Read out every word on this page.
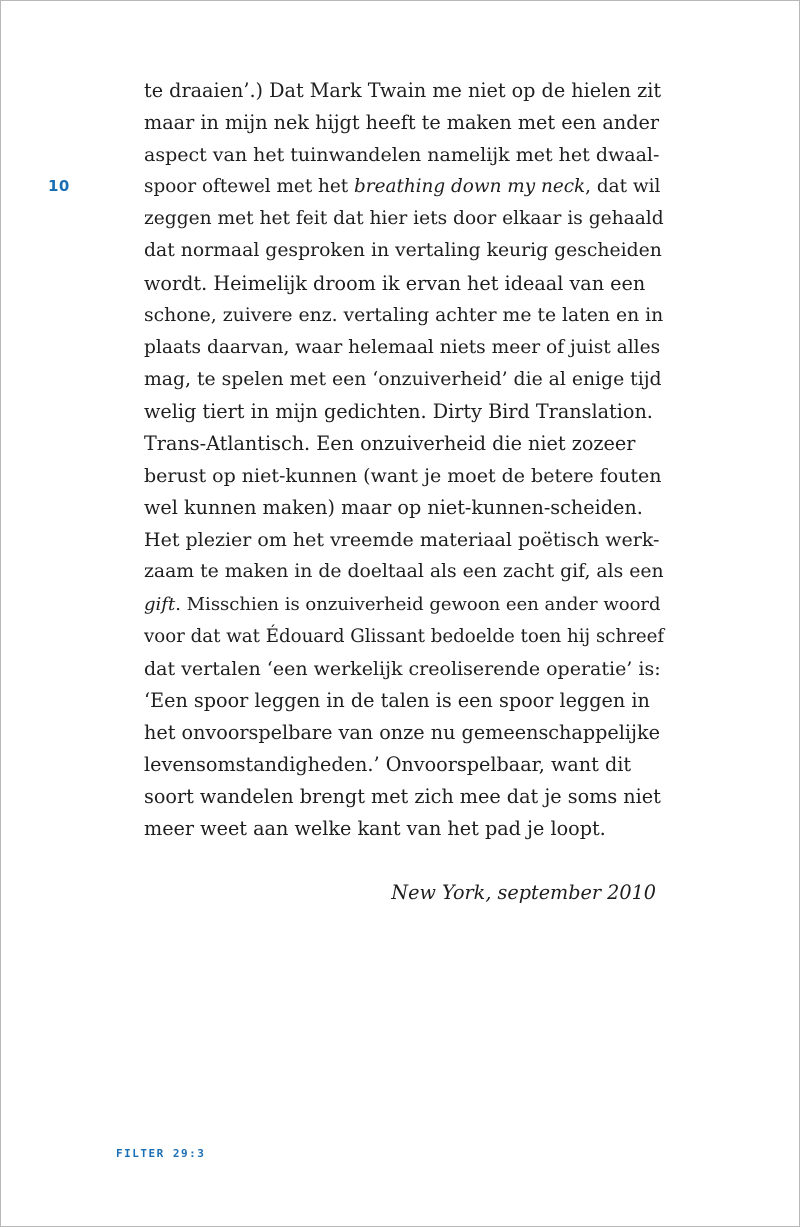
10
te draaien’.) Dat Mark Twain me niet op de hielen zit
maar in mijn nek hijgt heeft te maken met een ander
aspect van het tuinwandelen namelijk met het dwaal-
spoor oftewel met het breathing down my neck, dat wil
zeggen met het feit dat hier iets door elkaar is gehaald
dat normaal gesproken in vertaling keurig gescheiden
wordt. Heimelijk droom ik ervan het ideaal van een
schone, zuivere enz. vertaling achter me te laten en in
plaats daarvan, waar helemaal niets meer of juist alles
mag, te spelen met een ‘onzuiverheid’ die al enige tijd
welig tiert in mijn gedichten. Dirty Bird Translation.
Trans-Atlantisch. Een onzuiverheid die niet zozeer
berust op niet-kunnen (want je moet de betere fouten
wel kunnen maken) maar op niet-kunnen-scheiden.
Het plezier om het vreemde materiaal poëtisch werk-
zaam te maken in de doeltaal als een zacht gif, als een
gift. Misschien is onzuiverheid gewoon een ander woord
voor dat wat Édouard Glissant bedoelde toen hij schreef
dat vertalen ‘een werkelijk creoliserende operatie’ is:
‘Een spoor leggen in de talen is een spoor leggen in
het onvoorspelbare van onze nu gemeenschappelijke
levensomstandigheden.’ Onvoorspelbaar, want dit
soort wandelen brengt met zich mee dat je soms niet
meer weet aan welke kant van het pad je loopt.
New York, september 2010
FILTER 29:3
